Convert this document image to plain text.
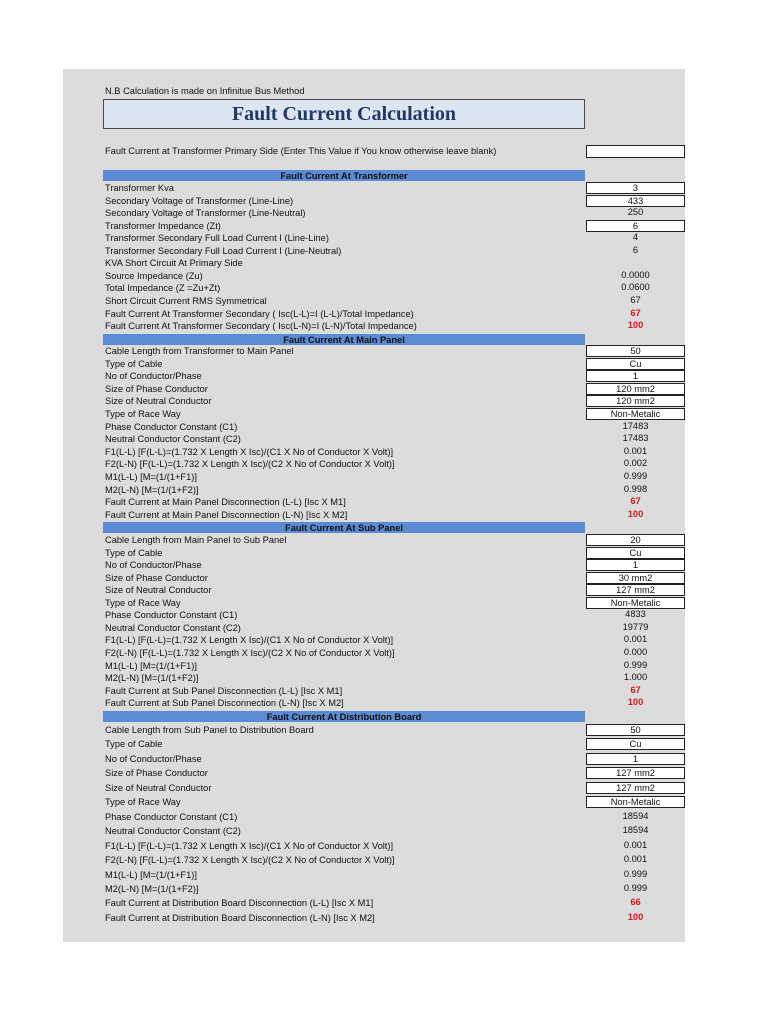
N.B Calculation is made on Infinitue Bus Method
Fault Current Calculation
Fault Current at Transformer Primary Side (Enter This Value if You know otherwise leave blank)
Fault Current At Transformer
Transformer Kva	3
Secondary Voltage of Transformer (Line-Line)	433
Secondary Voltage of Transformer (Line-Neutral)	250
Transformer Impedance (Zt)	6
Transformer Secondary Full Load Current I (Line-Line)	4
Transformer Secondary Full Load Current I (Line-Neutral)	6
KVA Short Circuit At Primary Side
Source Impedance (Zu)	0.0000
Total Impedance (Z =Zu+Zt)	0.0600
Short Circuit Current RMS Symmetrical	67
Fault Current At Transformer Secondary ( Isc(L-L)=I (L-L)/Total Impedance)	67
Fault Current At Transformer Secondary ( Isc(L-N)=I (L-N)/Total Impedance)	100
Fault Current At Main Panel
Cable Length from Transformer to Main Panel	50
Type of Cable	Cu
No of Conductor/Phase	1
Size of Phase Conductor	120 mm2
Size of Neutral Conductor	120 mm2
Type of Race Way	Non-Metalic
Phase Conductor Constant (C1)	17483
Neutral Conductor Constant (C2)	17483
F1(L-L) [F(L-L)=(1.732 X Length X Isc)/(C1 X No of Conductor X Volt)]	0.001
F2(L-N) [F(L-L)=(1.732 X Length X Isc)/(C2 X No of Conductor X Volt)]	0.002
M1(L-L) [M=(1/(1+F1)]	0.999
M2(L-N) [M=(1/(1+F2)]	0.998
Fault Current at Main Panel Disconnection (L-L) [Isc X M1]	67
Fault Current at Main Panel Disconnection (L-N) [Isc X M2]	100
Fault Current At Sub Panel
Cable Length from Main Panel to Sub Panel	20
Type of Cable	Cu
No of Conductor/Phase	1
Size of Phase Conductor	30 mm2
Size of Neutral Conductor	127 mm2
Type of Race Way	Non-Metalic
Phase Conductor Constant (C1)	4833
Neutral Conductor Constant (C2)	19779
F1(L-L) [F(L-L)=(1.732 X Length X Isc)/(C1 X No of Conductor X Volt)]	0.001
F2(L-N) [F(L-L)=(1.732 X Length X Isc)/(C2 X No of Conductor X Volt)]	0.000
M1(L-L) [M=(1/(1+F1)]	0.999
M2(L-N) [M=(1/(1+F2)]	1.000
Fault Current at Sub Panel Disconnection (L-L) [Isc X M1]	67
Fault Current at Sub Panel Disconnection (L-N) [Isc X M2]	100
Fault Current At Distribution Board
Cable Length from Sub Panel to Distribution Board	50
Type of Cable	Cu
No of Conductor/Phase	1
Size of Phase Conductor	127 mm2
Size of Neutral Conductor	127 mm2
Type of Race Way	Non-Metalic
Phase Conductor Constant (C1)	18594
Neutral Conductor Constant (C2)	18594
F1(L-L) [F(L-L)=(1.732 X Length X Isc)/(C1 X No of Conductor X Volt)]	0.001
F2(L-N) [F(L-L)=(1.732 X Length X Isc)/(C2 X No of Conductor X Volt)]	0.001
M1(L-L) [M=(1/(1+F1)]	0.999
M2(L-N) [M=(1/(1+F2)]	0.999
Fault Current at Distribution Board Disconnection (L-L) [Isc X M1]	66
Fault Current at Distribution Board Disconnection (L-N) [Isc X M2]	100
